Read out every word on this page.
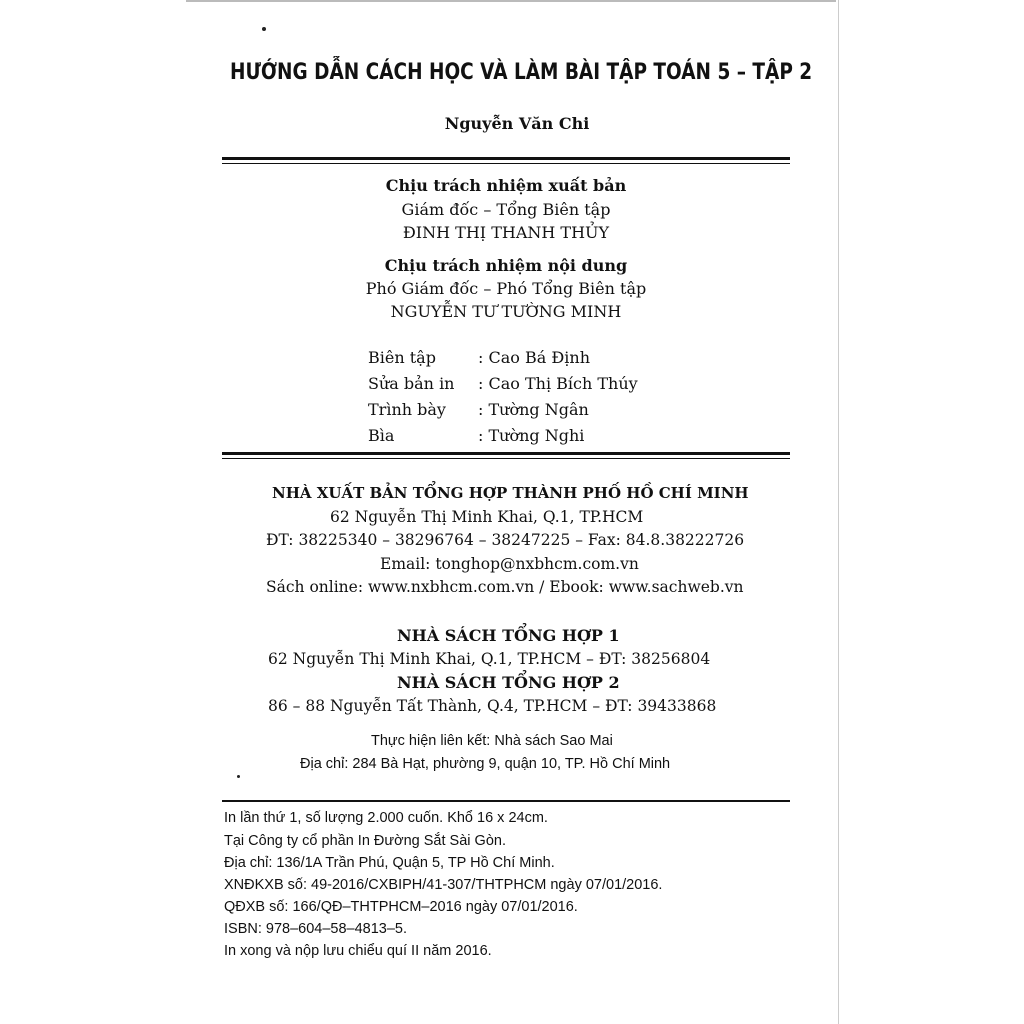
HƯỚNG DẪN CÁCH HỌC VÀ LÀM BÀI TẬP TOÁN 5 – TẬP 2
Nguyễn Văn Chi
Chịu trách nhiệm xuất bản
Giám đốc – Tổng Biên tập
ĐINH THỊ THANH THỦY
Chịu trách nhiệm nội dung
Phó Giám đốc – Phó Tổng Biên tập
NGUYỄN TƯ TƯỜNG MINH
Biên tập	: Cao Bá Định
Sửa bản in : Cao Thị Bích Thúy
Trình bày : Tường Ngân
Bìa	: Tường Nghi
NHÀ XUẤT BẢN TỔNG HỢP THÀNH PHỐ HỒ CHÍ MINH
62 Nguyễn Thị Minh Khai, Q.1, TP.HCM
ĐT: 38225340 – 38296764 – 38247225 – Fax: 84.8.38222726
Email: tonghop@nxbhcm.com.vn
Sách online: www.nxbhcm.com.vn / Ebook: www.sachweb.vn
NHÀ SÁCH TỔNG HỢP 1
62 Nguyễn Thị Minh Khai, Q.1, TP.HCM – ĐT: 38256804
NHÀ SÁCH TỔNG HỢP 2
86 – 88 Nguyễn Tất Thành, Q.4, TP.HCM – ĐT: 39433868
Thực hiện liên kết: Nhà sách Sao Mai
Địa chỉ: 284 Bà Hạt, phường 9, quận 10, TP. Hồ Chí Minh
In lần thứ 1, số lượng 2.000 cuốn. Khổ 16 x 24cm.
Tại Công ty cổ phần In Đường Sắt Sài Gòn.
Địa chỉ: 136/1A Trần Phú, Quận 5, TP Hồ Chí Minh.
XNĐKXB số: 49-2016/CXBIPH/41-307/THTPHCM ngày 07/01/2016.
QĐXB số: 166/QĐ–THTPHCM–2016 ngày 07/01/2016.
ISBN: 978–604–58–4813–5.
In xong và nộp lưu chiểu quí II năm 2016.
